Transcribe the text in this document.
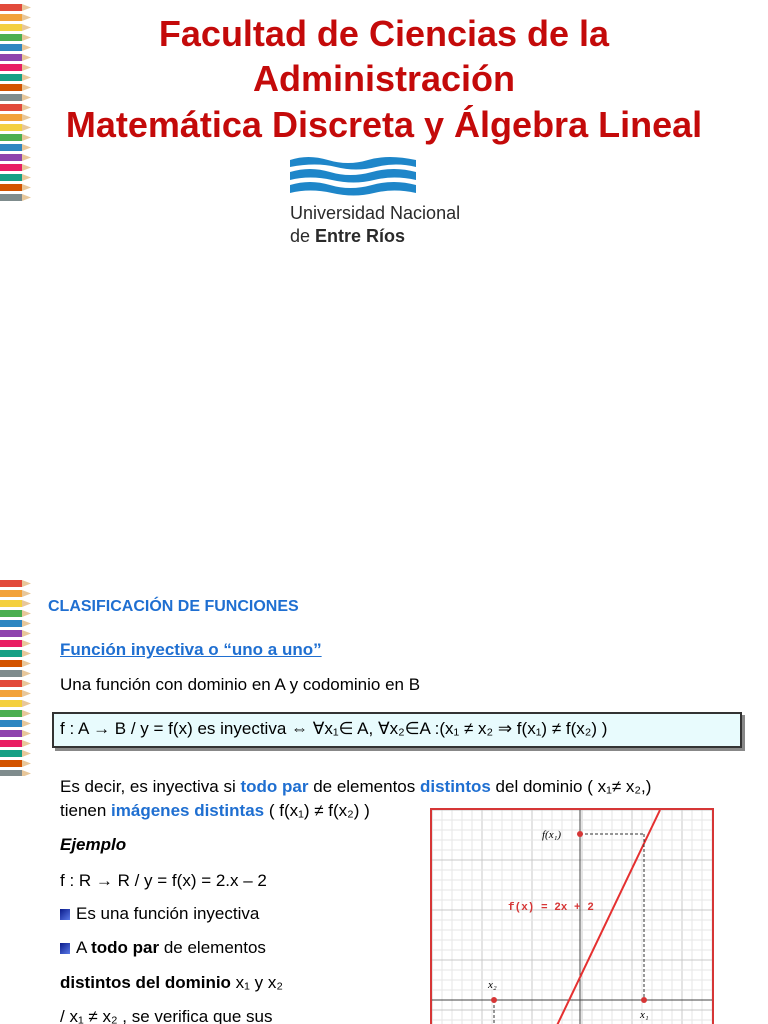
Facultad de Ciencias de la
Administración
Matemática Discreta y Álgebra Lineal
Universidad Nacional
de Entre Ríos
CLASIFICACIÓN DE FUNCIONES
Función inyectiva o “uno a uno”
Una función con dominio en A y codominio en B
f : A → B / y = f(x) es inyectiva ⇔ ∀x₁∈ A, ∀x₂∈A :(x₁ ≠ x₂ ⇒ f(x₁) ≠ f(x₂) )
Es decir, es inyectiva si todo par de elementos distintos del dominio ( x₁≠ x₂,)
tienen imágenes distintas ( f(x₁) ≠ f(x₂) )
Ejemplo
f : R → R / y = f(x) = 2.x – 2
Es una función inyectiva
A todo par de elementos
distintos del dominio x₁ y x₂
/ x₁ ≠ x₂ , se verifica que sus
f(x₁)
x₁
x₂
f(x) = 2x + 2
